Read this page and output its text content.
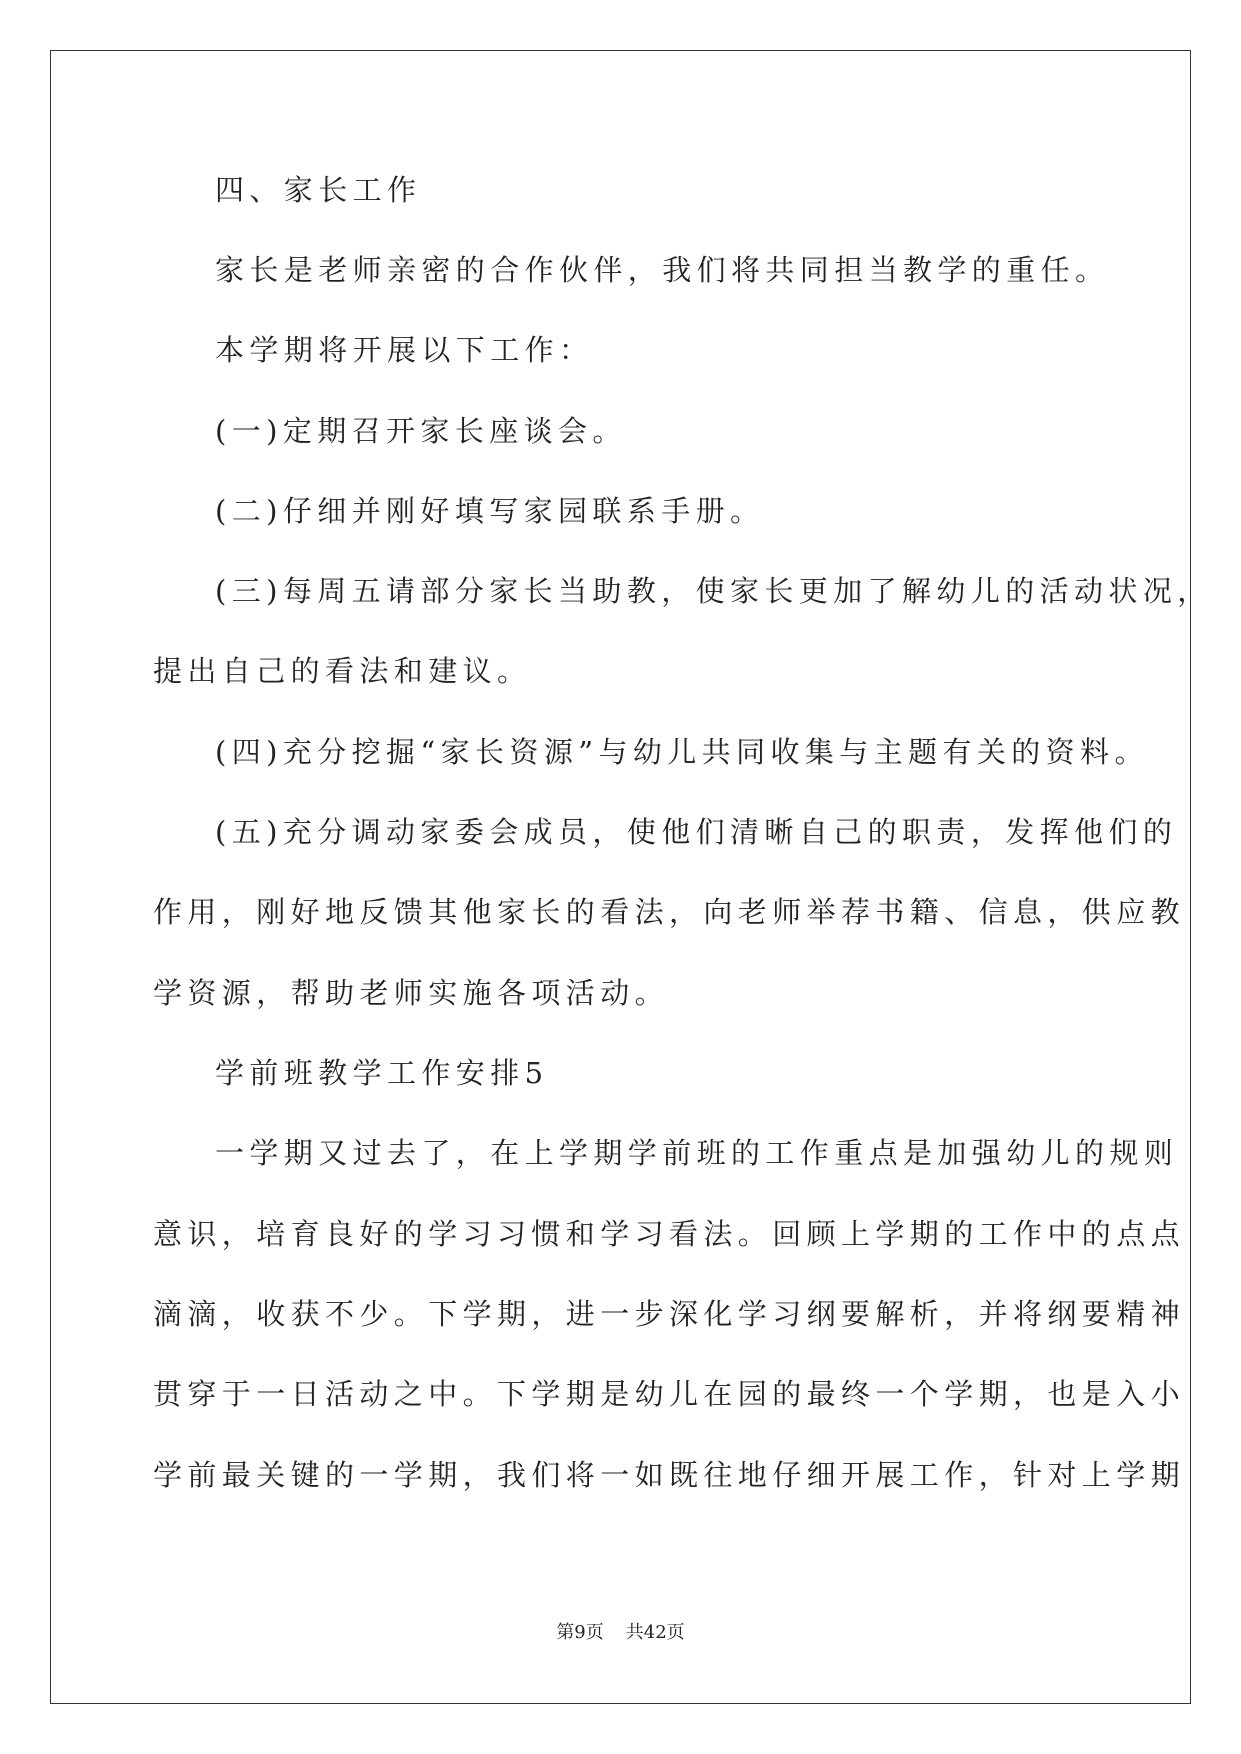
四、家长工作
家长是老师亲密的合作伙伴，我们将共同担当教学的重任。
本学期将开展以下工作：
(一)定期召开家长座谈会。
(二)仔细并刚好填写家园联系手册。
(三)每周五请部分家长当助教，使家长更加了解幼儿的活动状况，
提出自己的看法和建议。
(四)充分挖掘“家长资源”与幼儿共同收集与主题有关的资料。
(五)充分调动家委会成员，使他们清晰自己的职责，发挥他们的
作用，刚好地反馈其他家长的看法，向老师举荐书籍、信息，供应教
学资源，帮助老师实施各项活动。
学前班教学工作安排5
一学期又过去了，在上学期学前班的工作重点是加强幼儿的规则
意识，培育良好的学习习惯和学习看法。回顾上学期的工作中的点点
滴滴，收获不少。下学期，进一步深化学习纲要解析，并将纲要精神
贯穿于一日活动之中。下学期是幼儿在园的最终一个学期，也是入小
学前最关键的一学期，我们将一如既往地仔细开展工作，针对上学期
第9页 共42页
